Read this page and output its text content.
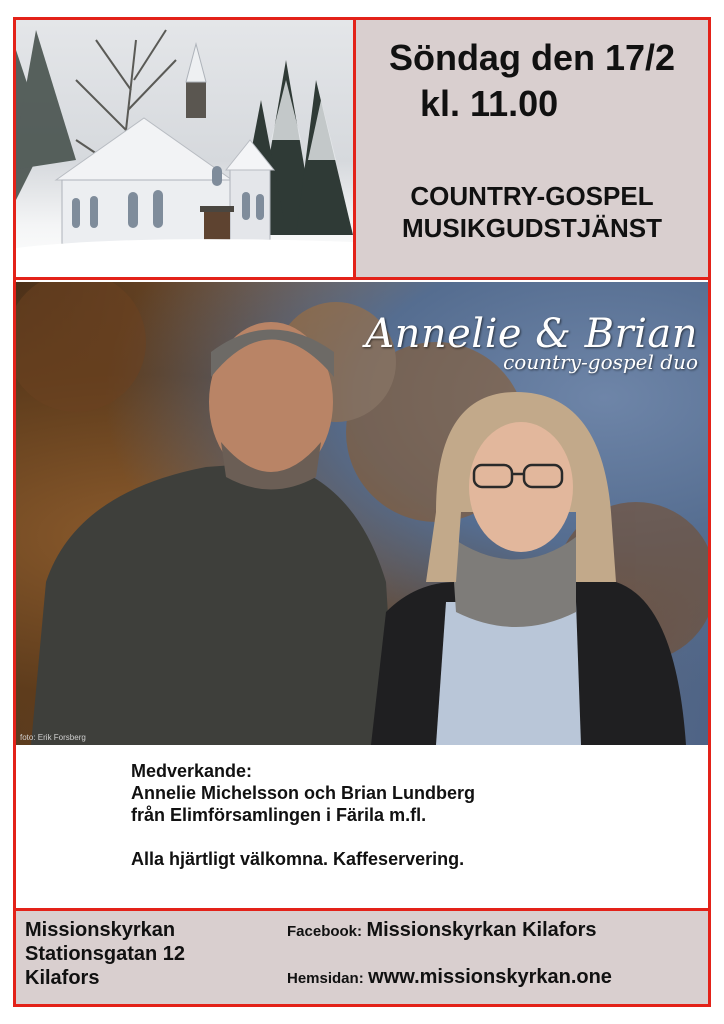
Söndag den 17/2
kl. 11.00
COUNTRY-GOSPEL
MUSIKGUDSTJÄNST
Annelie & Brian
country-gospel duo
foto: Erik Forsberg
Medverkande:
Annelie Michelsson och Brian Lundberg
från Elimförsamlingen i Färila m.fl.
Alla hjärtligt välkomna. Kaffeservering.
Missionskyrkan
Stationsgatan 12
Kilafors
Facebook: Missionskyrkan Kilafors
Hemsidan: www.missionskyrkan.one
